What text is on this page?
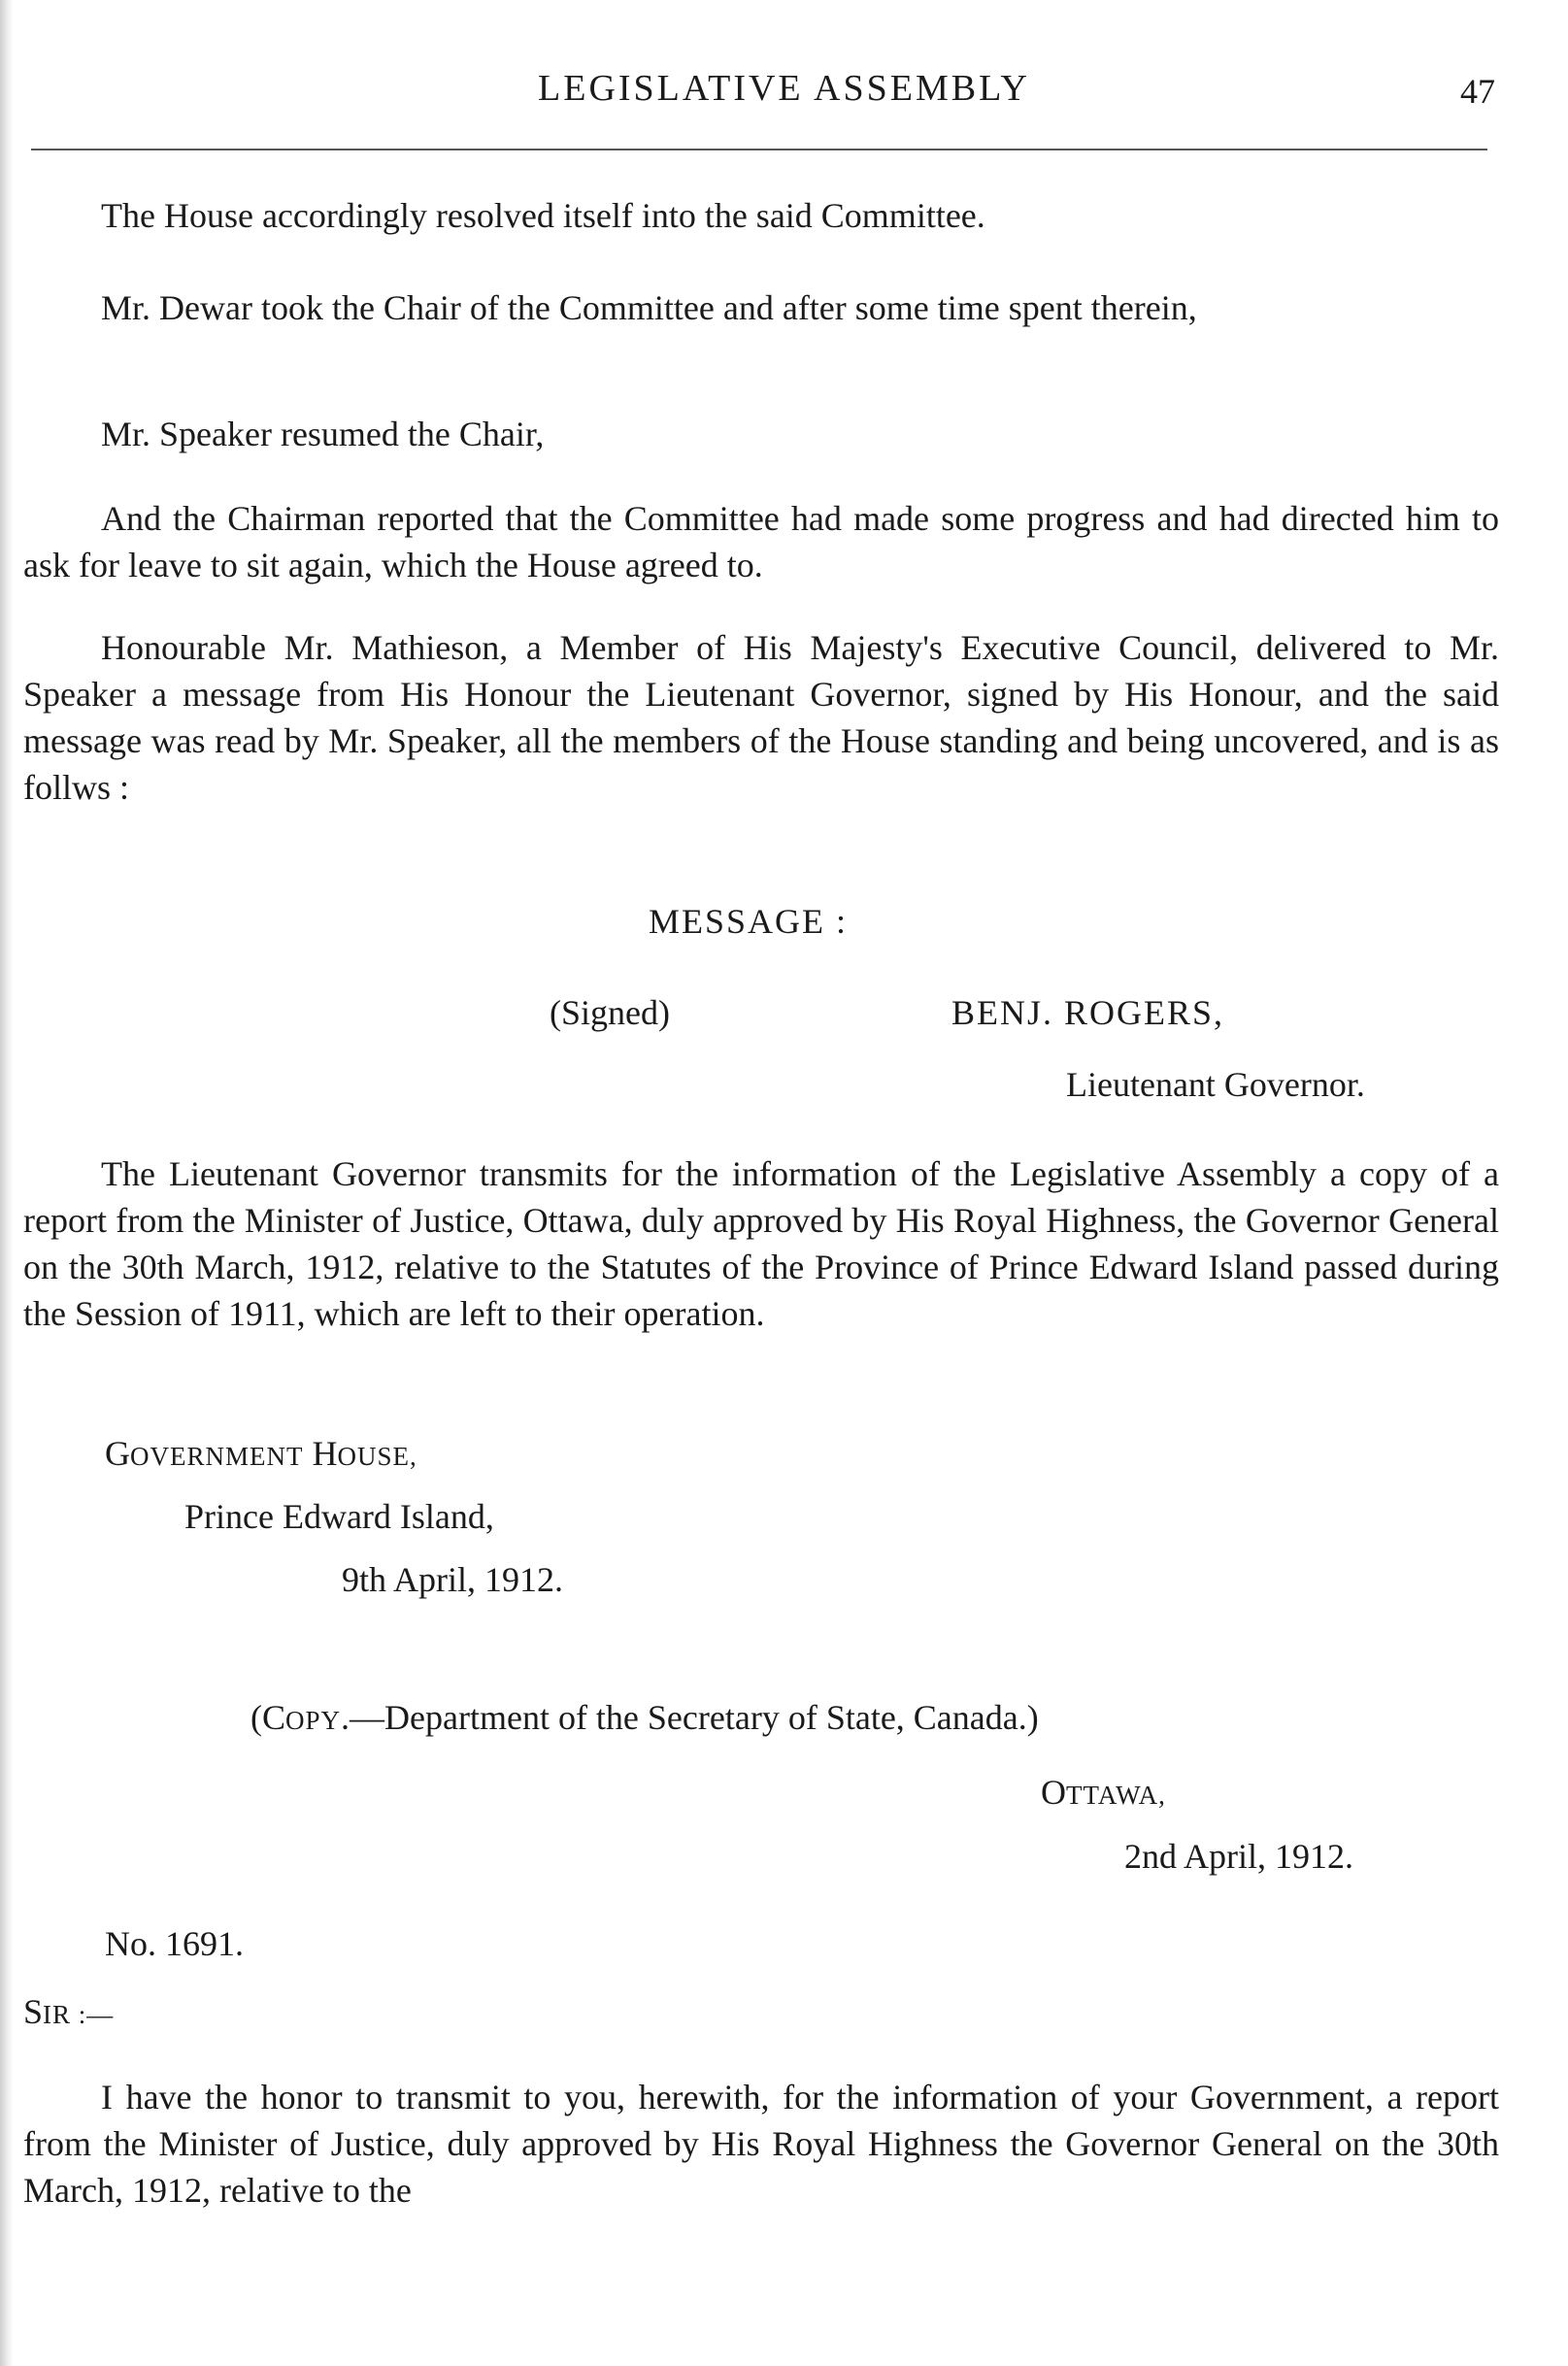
LEGISLATIVE ASSEMBLY	47

The House accordingly resolved itself into the said Committee.

Mr. Dewar took the Chair of the Committee and after some time spent therein,

Mr. Speaker resumed the Chair,

And the Chairman reported that the Committee had made some progress and had directed him to ask for leave to sit again, which the House agreed to.

Honourable Mr. Mathieson, a Member of His Majesty's Executive Council, delivered to Mr. Speaker a message from His Honour the Lieutenant Governor, signed by His Honour, and the said message was read by Mr. Speaker, all the members of the House standing and being uncovered, and is as follws :

MESSAGE :
(Signed)	BENJ. ROGERS,
Lieutenant Governor.

The Lieutenant Governor transmits for the information of the Legislative Assembly a copy of a report from the Minister of Justice, Ottawa, duly approved by His Royal Highness, the Governor General on the 30th March, 1912, relative to the Statutes of the Province of Prince Edward Island passed during the Session of 1911, which are left to their operation.

GOVERNMENT HOUSE,
Prince Edward Island,
9th April, 1912.
(COPY.—Department of the Secretary of State, Canada.)
OTTAWA,
2nd April, 1912.
No. 1691.
SIR :—

I have the honor to transmit to you, herewith, for the information of your Government, a report from the Minister of Justice, duly approved by His Royal Highness the Governor General on the 30th March, 1912, relative to the
